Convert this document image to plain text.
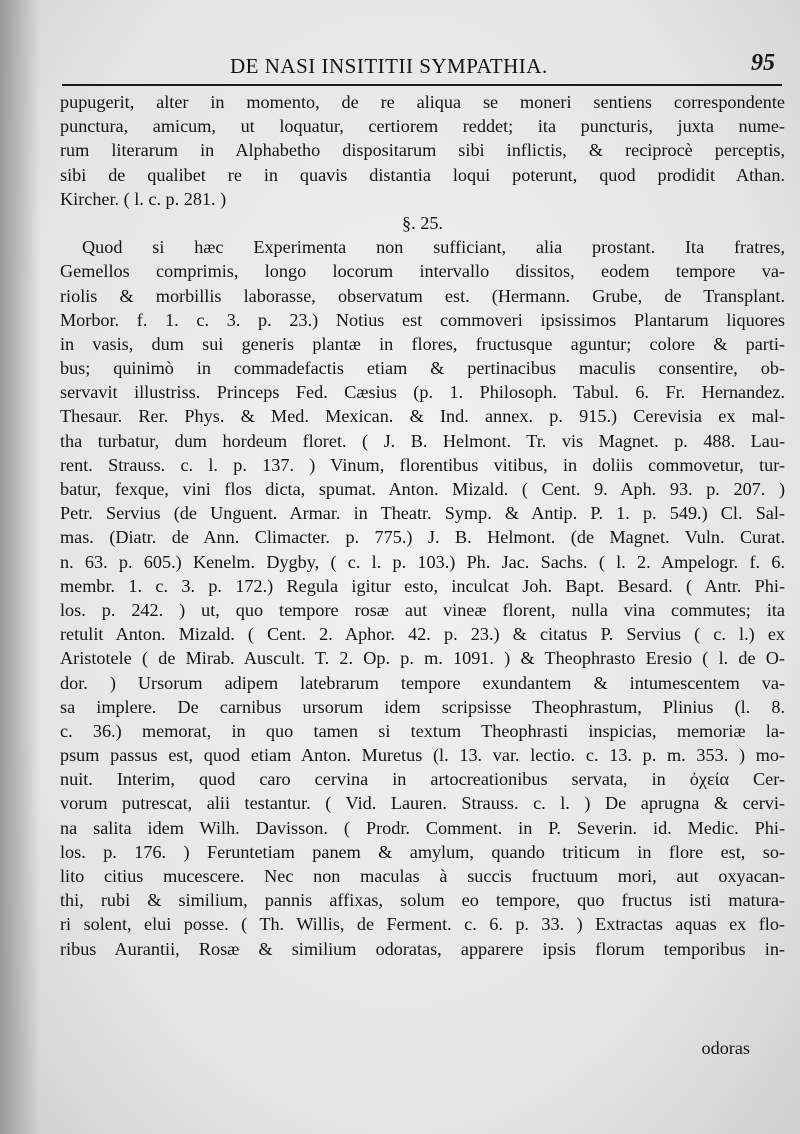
DE NASI INSITITII SYMPATHIA.	95
pupugerit, alter in momento, de re aliqua se moneri sentiens correspondente
punctura, amicum, ut loquatur, certiorem reddet; ita puncturis, juxta nume-
rum literarum in Alphabetho dispositarum sibi inflictis, & reciprocè perceptis,
sibi de qualibet re in quavis distantia loqui poterunt, quod prodidit Athan.
Kircher. ( l. c. p. 281. )
§. 25.
Quod si hæc Experimenta non sufficiant, alia prostant. Ita fratres,
Gemellos comprimis, longo locorum intervallo dissitos, eodem tempore va-
riolis & morbillis laborasse, observatum est. (Hermann. Grube, de Transplant.
Morbor. f. 1. c. 3. p. 23.) Notius est commoveri ipsissimos Plantarum liquores
in vasis, dum sui generis plantæ in flores, fructusque aguntur; colore & parti-
bus; quinimò in commadefactis etiam & pertinacibus maculis consentire, ob-
servavit illustriss. Princeps Fed. Cæsius (p. 1. Philosoph. Tabul. 6. Fr. Hernandez.
Thesaur. Rer. Phys. & Med. Mexican. & Ind. annex. p. 915.) Cerevisia ex mal-
tha turbatur, dum hordeum floret. ( J. B. Helmont. Tr. vis Magnet. p. 488. Lau-
rent. Strauss. c. l. p. 137. ) Vinum, florentibus vitibus, in doliis commovetur, tur-
batur, fexque, vini flos dicta, spumat. Anton. Mizald. ( Cent. 9. Aph. 93. p. 207. )
Petr. Servius (de Unguent. Armar. in Theatr. Symp. & Antip. P. 1. p. 549.) Cl. Sal-
mas. (Diatr. de Ann. Climacter. p. 775.) J. B. Helmont. (de Magnet. Vuln. Curat.
n. 63. p. 605.) Kenelm. Dygby, ( c. l. p. 103.) Ph. Jac. Sachs. ( l. 2. Ampelogr. f. 6.
membr. 1. c. 3. p. 172.) Regula igitur esto, inculcat Joh. Bapt. Besard. ( Antr. Phi-
los. p. 242. ) ut, quo tempore rosæ aut vineæ florent, nulla vina commutes; ita
retulit Anton. Mizald. ( Cent. 2. Aphor. 42. p. 23.) & citatus P. Servius ( c. l.) ex
Aristotele ( de Mirab. Auscult. T. 2. Op. p. m. 1091. ) & Theophrasto Eresio ( l. de O-
dor. ) Ursorum adipem latebrarum tempore exundantem & intumescentem va-
sa implere. De carnibus ursorum idem scripsisse Theophrastum, Plinius (l. 8.
c. 36.) memorat, in quo tamen si textum Theophrasti inspicias, memoriæ la-
psum passus est, quod etiam Anton. Muretus (l. 13. var. lectio. c. 13. p. m. 353. ) mo-
nuit. Interim, quod caro cervina in artocreationibus servata, in ὀχεία Cer-
vorum putrescat, alii testantur. ( Vid. Lauren. Strauss. c. l. ) De aprugna & cervi-
na salita idem Wilh. Davisson. ( Prodr. Comment. in P. Severin. id. Medic. Phi-
los. p. 176. ) Feruntetiam panem & amylum, quando triticum in flore est, so-
lito citius mucescere. Nec non maculas à succis fructuum mori, aut oxyacan-
thi, rubi & similium, pannis affixas, solum eo tempore, quo fructus isti matura-
ri solent, elui posse. ( Th. Willis, de Ferment. c. 6. p. 33. ) Extractas aquas ex flo-
ribus Aurantii, Rosæ & similium odoratas, apparere ipsis florum temporibus in-
odoras
